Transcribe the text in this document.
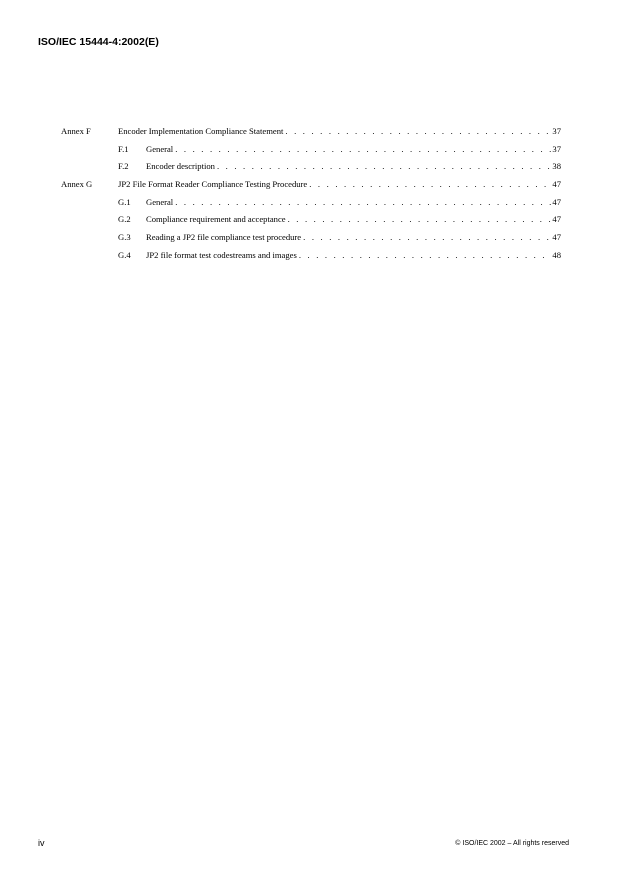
ISO/IEC 15444-4:2002(E)
Annex F	Encoder Implementation Compliance Statement . . .	37
F.1 General . . .	37
F.2 Encoder description . . .	38
Annex G	JP2 File Format Reader Compliance Testing Procedure . . .	47
G.1 General . . .	47
G.2 Compliance requirement and acceptance . . .	47
G.3 Reading a JP2 file compliance test procedure . . .	47
G.4 JP2 file format test codestreams and images . . .	48
iv	© ISO/IEC 2002 – All rights reserved
